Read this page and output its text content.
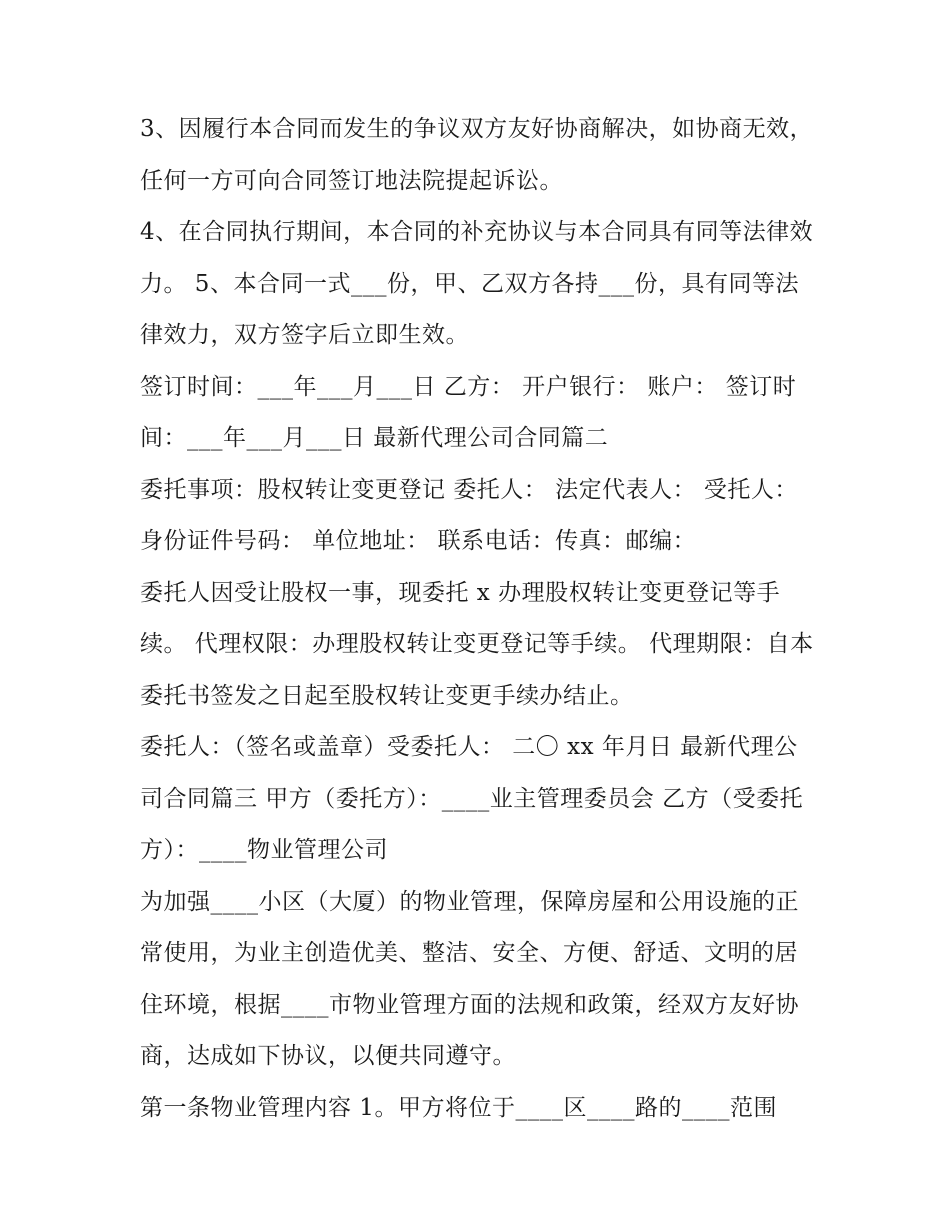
3、因履行本合同而发生的争议双方友好协商解决，如协商无效，任何一方可向合同签订地法院提起诉讼。

4、在合同执行期间，本合同的补充协议与本合同具有同等法律效力。 5、本合同一式___份，甲、乙双方各持___份，具有同等法律效力，双方签字后立即生效。

签订时间：___年___月___日 乙方： 开户银行： 账户： 签订时间：___年___月___日 最新代理公司合同篇二

委托事项：股权转让变更登记 委托人： 法定代表人： 受托人：身份证件号码： 单位地址： 联系电话：传真：邮编：

委托人因受让股权一事，现委托 x 办理股权转让变更登记等手续。 代理权限：办理股权转让变更登记等手续。 代理期限：自本委托书签发之日起至股权转让变更手续办结止。

委托人：（签名或盖章）受委托人： 二〇 xx 年月日 最新代理公司合同篇三 甲方（委托方）：____业主管理委员会 乙方（受委托方）：____物业管理公司

为加强____小区（大厦）的物业管理，保障房屋和公用设施的正常使用，为业主创造优美、整洁、安全、方便、舒适、文明的居住环境，根据____市物业管理方面的法规和政策，经双方友好协商，达成如下协议，以便共同遵守。

第一条物业管理内容 1。甲方将位于____区____路的____范围
